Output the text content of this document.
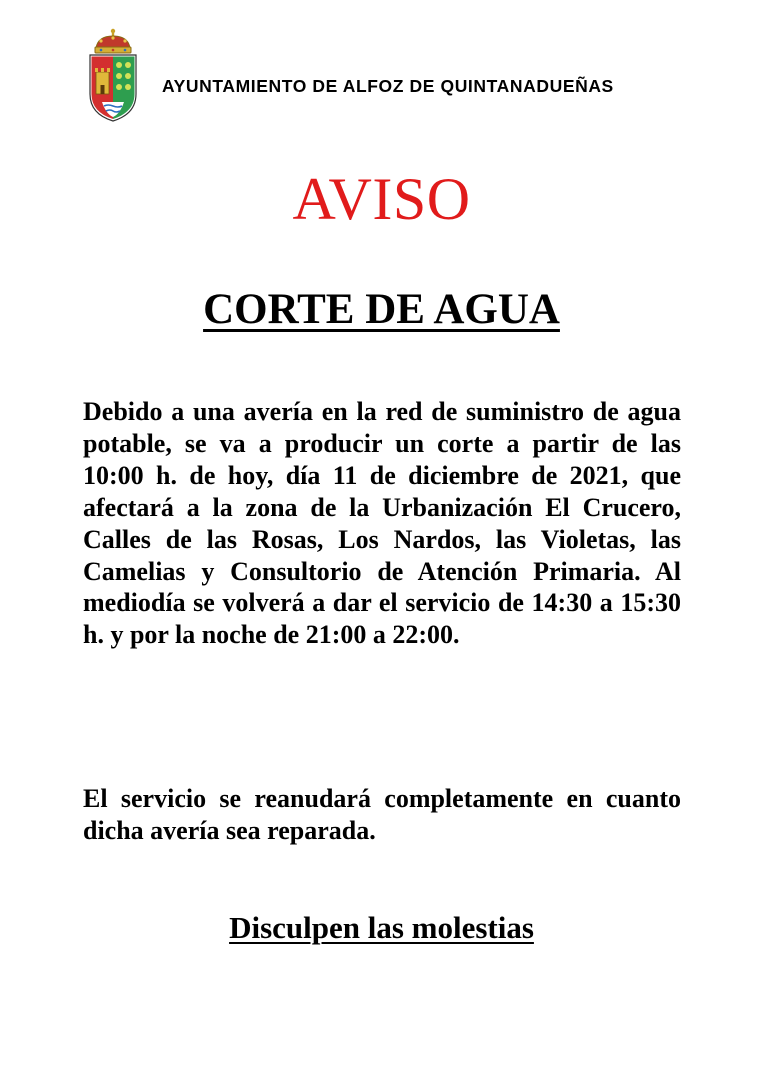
AYUNTAMIENTO DE ALFOZ DE QUINTANADUEÑAS
AVISO
CORTE DE AGUA
Debido a una avería en la red de suministro de agua potable, se va a producir un corte a partir de las 10:00 h. de hoy, día 11 de diciembre de 2021, que afectará a la zona de la Urbanización El Crucero, Calles de las Rosas, Los Nardos, las Violetas, las Camelias y Consultorio de Atención Primaria. Al mediodía se volverá a dar el servicio de 14:30 a 15:30 h. y por la noche de 21:00 a 22:00.
El servicio se reanudará completamente en cuanto dicha avería sea reparada.
Disculpen las molestias
